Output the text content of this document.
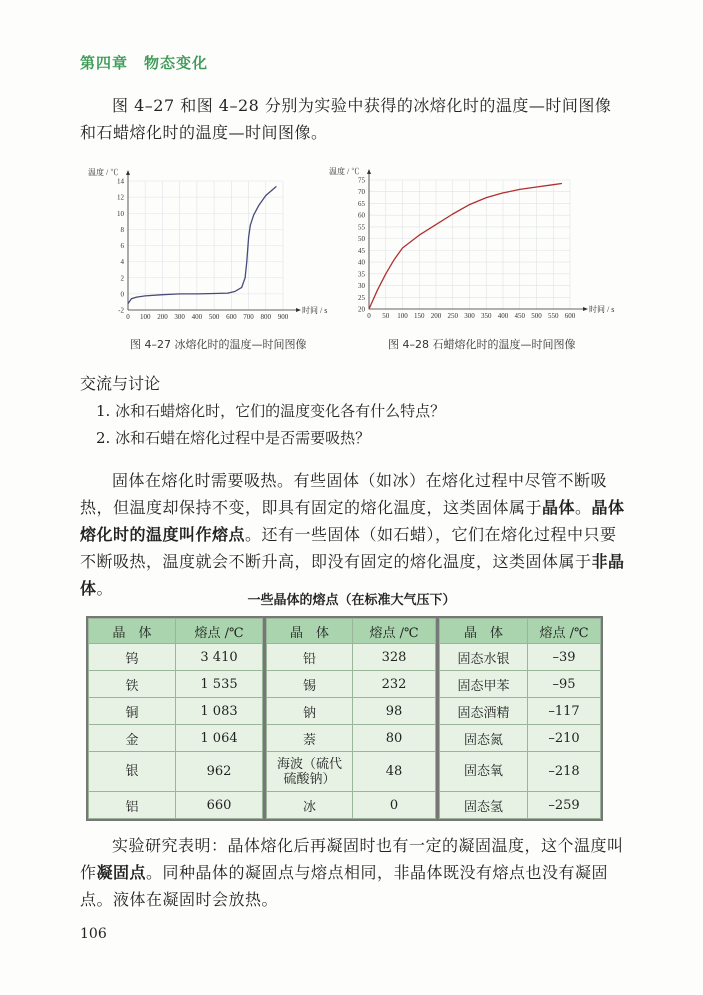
第四章　物态变化
图 4–27 和图 4–28 分别为实验中获得的冰熔化时的温度—时间图像和石蜡熔化时的温度—时间图像。
0 100 200 300 400 500 600 700 800 900
-2
0
2
4
6
8
10
12
14
时间 / s
温度 / ℃
0 50 100 150 200 250 300 350 400 450 500 550 600
20
25
30
35
40
45
50
55
60
65
70
75
时间 / s
温度 / ℃
图 4–27 冰熔化时的温度—时间图像	图 4–28 石蜡熔化时的温度—时间图像
交流与讨论
1. 冰和石蜡熔化时，它们的温度变化各有什么特点？
2. 冰和石蜡在熔化过程中是否需要吸热？
固体在熔化时需要吸热。有些固体（如冰）在熔化过程中尽管不断吸热，但温度却保持不变，即具有固定的熔化温度，这类固体属于晶体。晶体熔化时的温度叫作熔点。还有一些固体（如石蜡），它们在熔化过程中只要不断吸热，温度就会不断升高，即没有固定的熔化温度，这类固体属于非晶体。
一些晶体的熔点（在标准大气压下）
晶　体	熔点 /℃
钨	3 410
铁	1 535
铜	1 083
金	1 064
银	962
铝	660
晶　体	熔点 /℃
铅	328
锡	232
钠	98
萘	80
海波（硫代硫酸钠）	48
冰	0
晶　体	熔点 /℃
固态水银	–39
固态甲苯	–95
固态酒精	–117
固态氮	–210
固态氧	–218
固态氢	–259
实验研究表明：晶体熔化后再凝固时也有一定的凝固温度，这个温度叫作凝固点。同种晶体的凝固点与熔点相同，非晶体既没有熔点也没有凝固点。液体在凝固时会放热。
106
